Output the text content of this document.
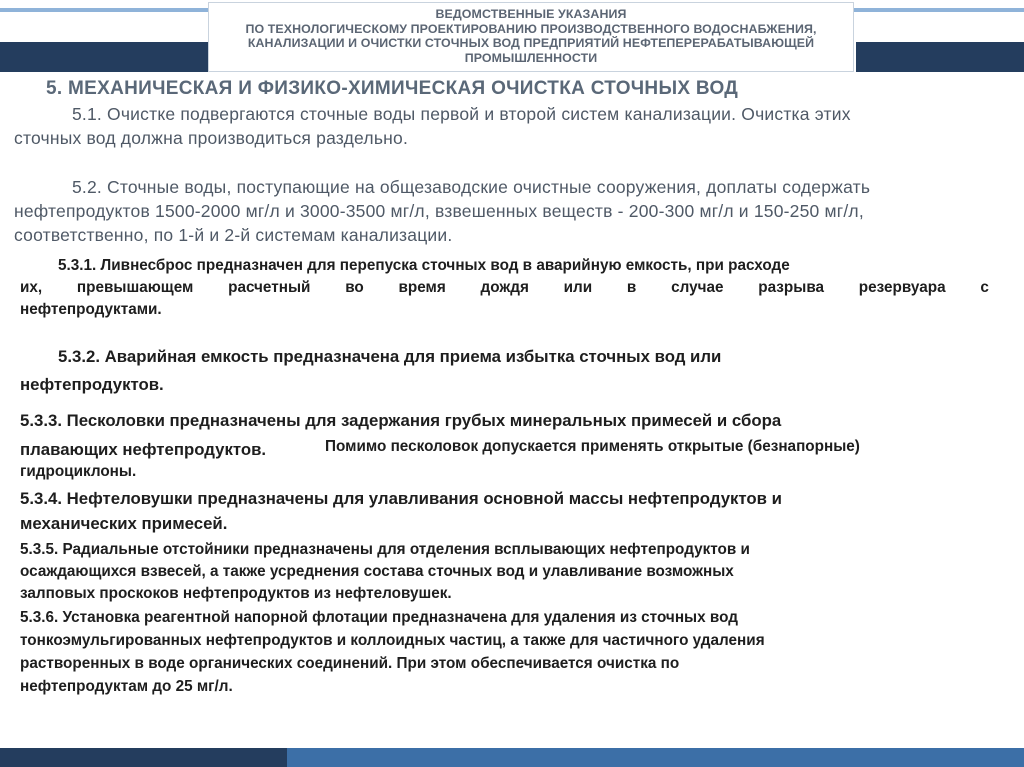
ВЕДОМСТВЕННЫЕ УКАЗАНИЯ
ПО ТЕХНОЛОГИЧЕСКОМУ ПРОЕКТИРОВАНИЮ ПРОИЗВОДСТВЕННОГО ВОДОСНАБЖЕНИЯ,
КАНАЛИЗАЦИИ И ОЧИСТКИ СТОЧНЫХ ВОД ПРЕДПРИЯТИЙ НЕФТЕПЕРЕРАБАТЫВАЮЩЕЙ
ПРОМЫШЛЕННОСТИ
5. МЕХАНИЧЕСКАЯ И ФИЗИКО-ХИМИЧЕСКАЯ ОЧИСТКА СТОЧНЫХ ВОД
5.1. Очистке подвергаются сточные воды первой и второй систем канализации. Очистка этих
сточных вод должна производиться раздельно.
5.2. Сточные воды, поступающие на общезаводские очистные сооружения, доплаты содержать
нефтепродуктов 1500-2000 мг/л и 3000-3500 мг/л, взвешенных веществ - 200-300 мг/л и 150-250 мг/л,
соответственно, по 1-й и 2-й системам канализации.
5.3.1. Ливнесброс предназначен для перепуска сточных вод в аварийную емкость, при расходе
их, превышающем расчетный во время дождя или в случае разрыва резервуара с
нефтепродуктами.
5.3.2. Аварийная емкость предназначена для приема избытка сточных вод или
нефтепродуктов.
5.3.3. Песколовки предназначены для задержания грубых минеральных примесей и сбора
плавающих нефтепродуктов.	Помимо песколовок допускается применять открытые (безнапорные)
гидроциклоны.
5.3.4. Нефтеловушки предназначены для улавливания основной массы нефтепродуктов и
механических примесей.
5.3.5. Радиальные отстойники предназначены для отделения всплывающих нефтепродуктов и
осаждающихся взвесей, а также усреднения состава сточных вод и улавливание возможных
залповых проскоков нефтепродуктов из нефтеловушек.
5.3.6. Установка реагентной напорной флотации предназначена для удаления из сточных вод
тонкоэмульгированных нефтепродуктов и коллоидных частиц, а также для частичного удаления
растворенных в воде органических соединений. При этом обеспечивается очистка по
нефтепродуктам до 25 мг/л.
